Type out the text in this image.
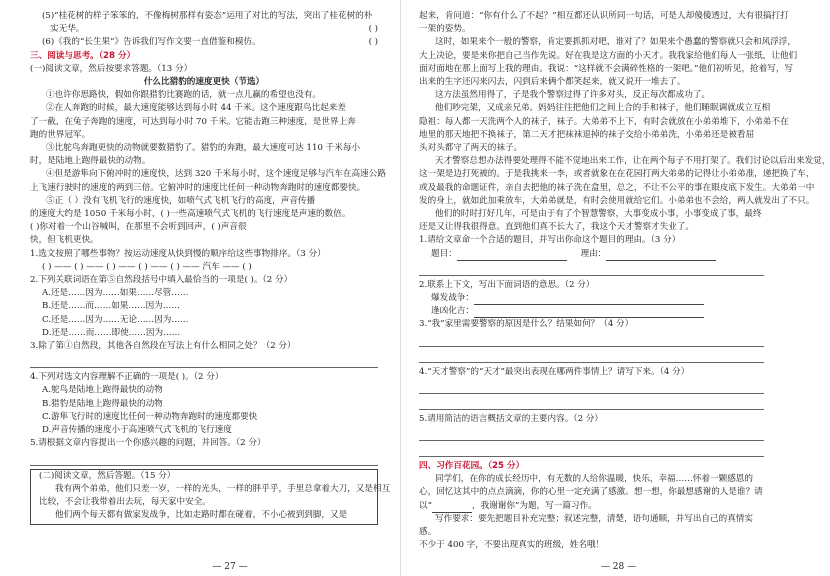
(5)“桂花树的样子笨笨的，不像梅树那样有姿态”运用了对比的写法，突出了桂花树的朴
实无华。	( )
(6)《我的“长生果”》告诉我们写作文要一直借鉴和模仿。	( )
三、阅读与思考。（28 分）
(一)阅读文章，然后按要求答题。（13 分）
什么比猎豹的速度更快（节选）
①也许你思路快，假如你跟猎豹比赛跑的话，就一点儿赢的希望也没有。
②在人奔跑的时候，最大速度能够达到每小时 44 千米。这个速度跟鸟比起来差
了一截，在兔子奔跑的速度，可达到每小时 70 千米。它能击跑三种速度，是世界上奔
跑的世界冠军。
③比鸵鸟奔跑更快的动物就要数猎豹了。猎豹的奔跑，最大速度可达 110 千米每小
时，是陆地上跑得最快的动物。
④但是游隼向下俯冲时的速度快，达到 320 千米每小时，这个速度足够与汽车在高速公路
上飞速行驶时的速度的两到三倍。它俯冲时的速度比任何一种动物奔跑时的速度都要快。
⑤正（ ）没有飞机飞行的速度快，如喷气式飞机飞行的高度，声音传播
的速度大约是 1050 千米每小时，( )一些高速喷气式飞机的飞行速度是声速的数倍。
( )你对着一个山谷喊叫，在那里不会听到回声，( )声音很
快，但飞机更快。
1.选文按照了哪些事物？按运动速度从快到慢的顺序给这些事物排序。（3 分）
( ) —— ( ) —— ( ) —— ( ) —— ( ) —— 汽车 —— ( )
2.下列关联词语在第⑤自然段括号中填入最恰当的一项是( )。（2 分）
A.还是……因为……如果……尽管……
B.还是……而……如果……因为……
C.还是……因为……无论……因为……
D.还是……而……即使……因为……
3.除了第①自然段，其他各自然段在写法上有什么相同之处？（2 分）
4.下列对选文内容理解不正确的一项是( )。（2 分）
A.鸵鸟是陆地上跑得最快的动物
B.猎豹是陆地上跑得最快的动物
C.游隼飞行时的速度比任何一种动物奔跑时的速度都要快
D.声音传播的速度小于高速喷气式飞机的飞行速度
5.请根据文章内容提出一个你感兴趣的问题，并回答。（2 分）
(二)阅读文章，然后答题。（15 分）
我有两个弟弟，他们只差一岁，一样的光头，一样的胖乎乎，手里总拿着大刀，又是相互
比较，不会让我带着出去玩，每天家中安全。
他们两个每天都有做家发战争，比如走路时都在碰着，不小心被到到脚，又是
— 27 —
起来，肯问道：“你有什么了不起？”相互都还认识所同一句话，可是人却傻傻透过，大有很搞打打
一架的姿势。
这时，如果来个一般的警察，肯定要抓抓对吧，谁对了？如果来个愚蠢的警察就只会和风浮浮，
大上决论，要是来你把自己当作先说。好在我是这方面的小天才。我我家给他们每人一张纸，让他们
面对面地在那上面写上我的理由。我说：“这样就不会满碎性格的一架吧。”他们初听见，抢着写，写
出来的生字还闪来闪去，闪到后来俩个都笑起来，就又说开一堆去了。
这方法虽然用得了，子是我个警察过得了许多对头，反正每次都成功了。
他们吵完架，又成亲兄弟。妈妈往往把他们之间上合的手和袜子，他们睡眠调就成立互相
隐祖：每人都一天洗两个人的袜子，袜子。大弟弟不上下，有时会就放在小弟弟堆下，小弟弟不在
地里的那天地把不换袜子，第二天才把袜袜退掉的袜子交给小弟弟洗，小弟弟还是被看屈
头对头都守了两天的袜子。
天才警察总想办法得要处理得不能不觉地出来工作，让在两个每子不用打架了。我们讨论以后出来发觉，
这一架是边打死被的。于是我挑来一李，或者就象在在花园打两大弟弟的记得让小弟弟准，递把换了车，
或及最我的命题证件，亲自去把他的袜子洗在盒里，总之，不让不公平的事在眼皮底下发生。大弟弟一中
发的身上，就如此加乘放车，大弟弟就是，有时会使用就给它们。小弟弟也不会给，两人就发出了不只。
他们的时时打好几年，可是由于有了个智慧警察，大事变成小事，小事变成了事，最终
还是又让得我很得意。直到他们真不长大了，我这个天才警察才失业了。
1.请给文章命一个合适的题目，并写出你命这个题目的理由。（3 分）
题目：	理由：
2.联系上下文，写出下面词语的意思。（2 分）
爆发战争：
逢凶化吉：
3.“我”家里需要警察的原因是什么？结果如何？（4 分）
4.“天才警察”的“天才”最突出表现在哪两件事情上？请写下来。（4 分）
5.请用简洁的语言概括文章的主要内容。（2 分）
四、习作百花园。（25 分）
同学们，在你的成长经历中，有无数的人给你温暖，快乐，幸福……怀着一颗感恩的心，回忆这其中的点点滴滴，你的心里一定充满了感激。想一想，你最想感谢的人是谁？请以“	，我谢谢你”为题，写一篇习作。
写作要求：要先把题目补充完整；叙述完整，清楚，语句通顺，并写出自己的真情实感。
不少于 400 字，不要出现真实的班级，姓名哦！
— 28 —
